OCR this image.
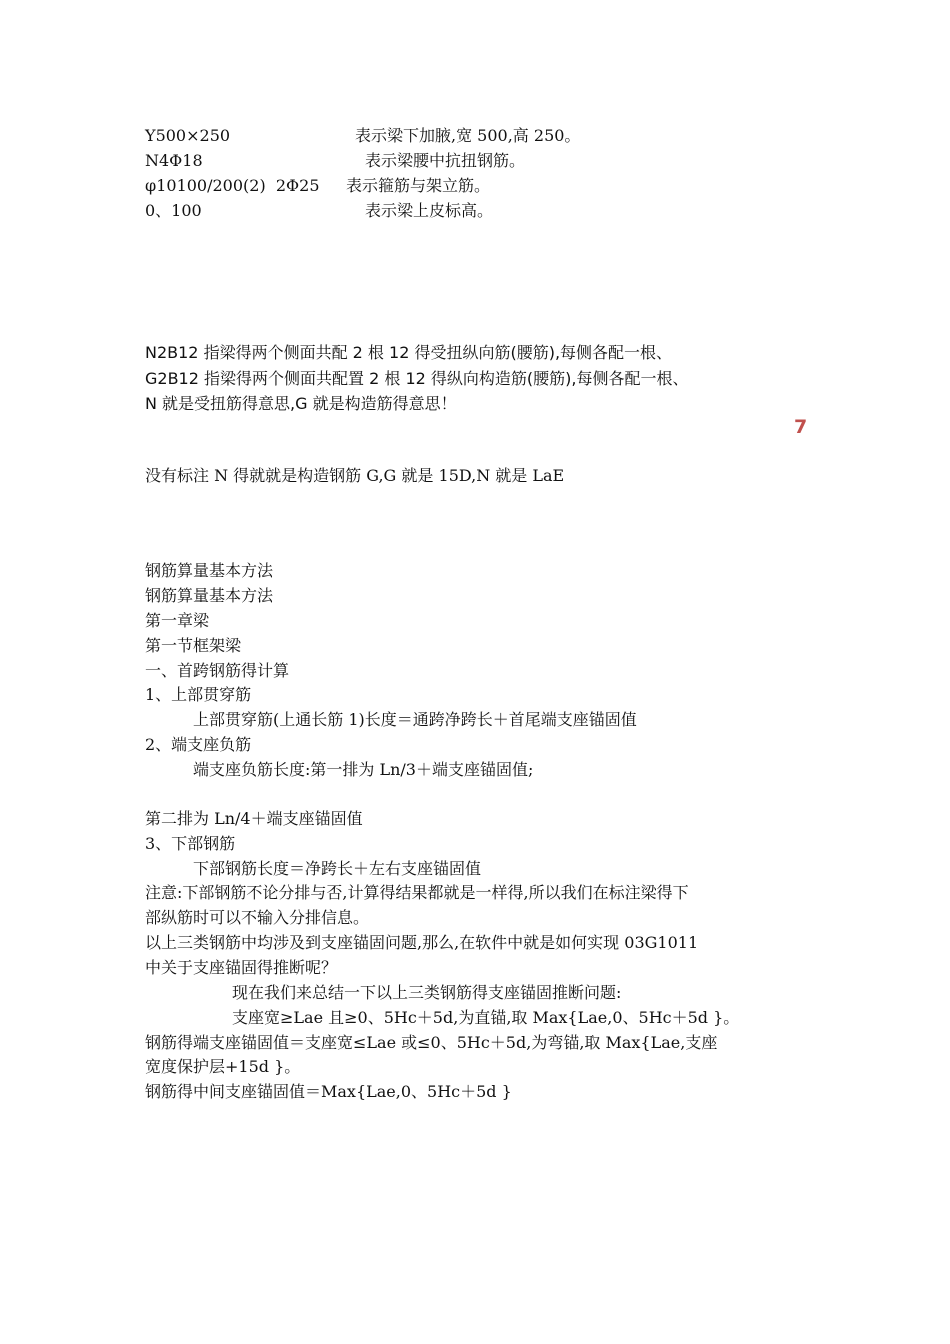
Y500×250	表示梁下加腋,宽 500,高 250。
N4Φ18	表示梁腰中抗扭钢筋。
φ10100/200(2)  2Φ25 表示箍筋与架立筋。
0、100	表示梁上皮标高。
N2B12 指梁得两个侧面共配 2 根 12 得受扭纵向筋(腰筋),每侧各配一根、
G2B12 指梁得两个侧面共配置 2 根 12 得纵向构造筋(腰筋),每侧各配一根、
N 就是受扭筋得意思,G 就是构造筋得意思！
7
没有标注 N 得就就是构造钢筋 G,G 就是 15D,N 就是 LaE
钢筋算量基本方法
钢筋算量基本方法
第一章梁
第一节框架梁
一、首跨钢筋得计算
1、上部贯穿筋
上部贯穿筋(上通长筋 1)长度＝通跨净跨长＋首尾端支座锚固值
2、端支座负筋
端支座负筋长度:第一排为 Ln/3＋端支座锚固值;
第二排为 Ln/4＋端支座锚固值
3、下部钢筋
下部钢筋长度＝净跨长＋左右支座锚固值
注意:下部钢筋不论分排与否,计算得结果都就是一样得,所以我们在标注梁得下
部纵筋时可以不输入分排信息。
以上三类钢筋中均涉及到支座锚固问题,那么,在软件中就是如何实现 03G1011
中关于支座锚固得推断呢？
现在我们来总结一下以上三类钢筋得支座锚固推断问题:
支座宽≥Lae 且≥0、5Hc＋5d,为直锚,取 Max{Lae,0、5Hc＋5d }。
钢筋得端支座锚固值＝支座宽≤Lae 或≤0、5Hc＋5d,为弯锚,取 Max{Lae,支座
宽度保护层+15d }。
钢筋得中间支座锚固值＝Max{Lae,0、5Hc＋5d }
